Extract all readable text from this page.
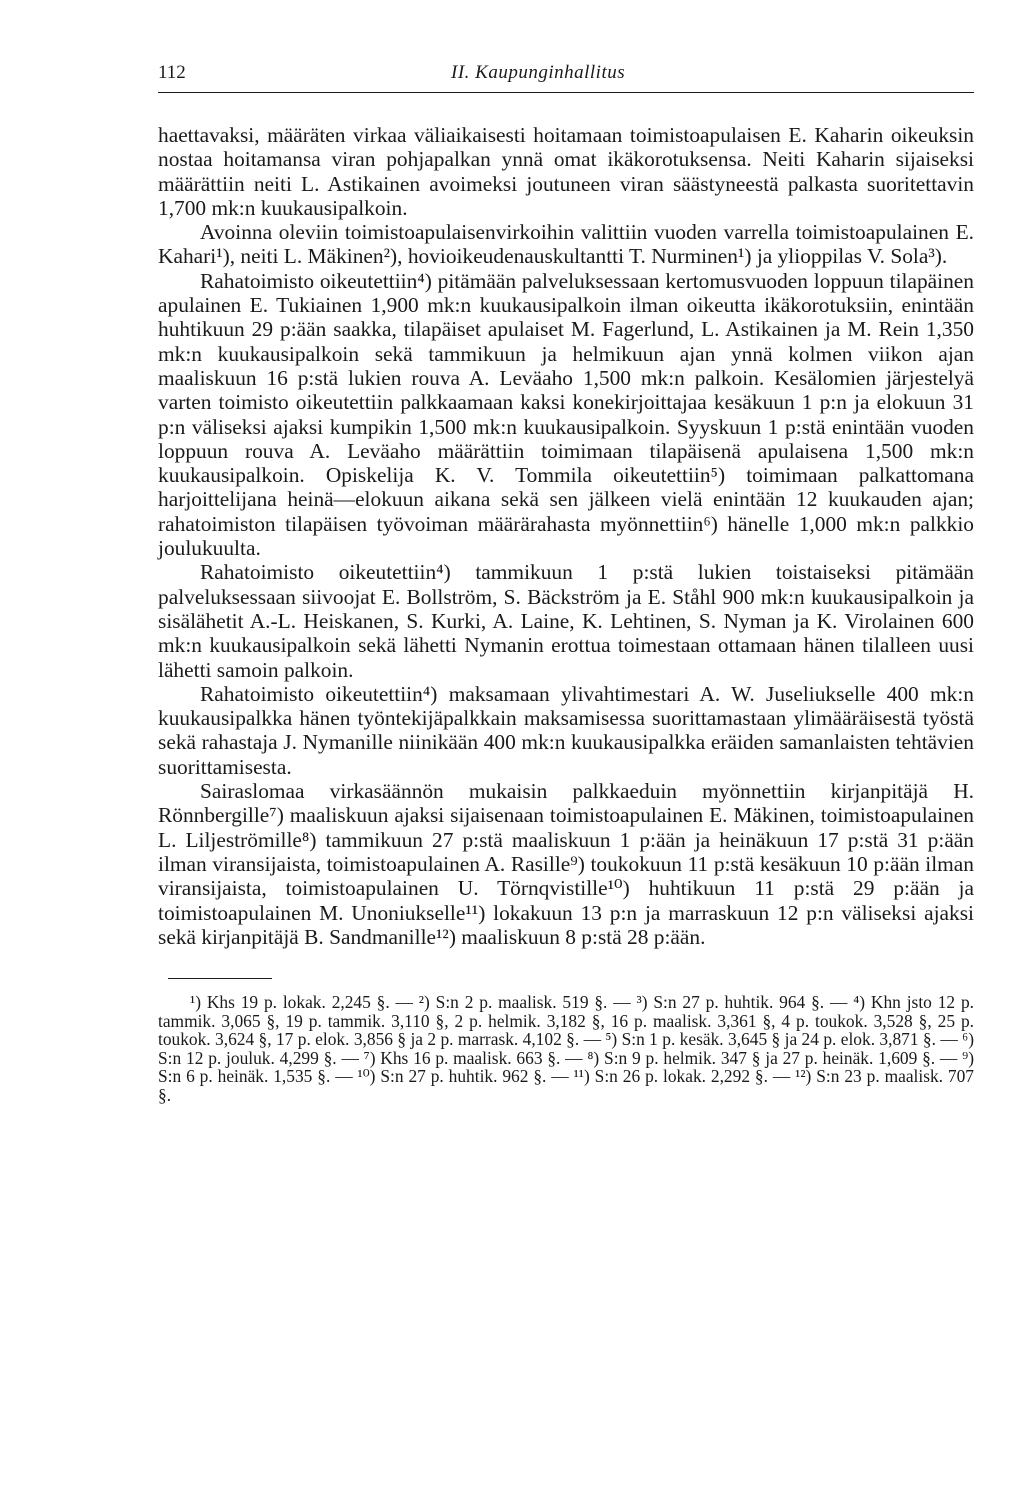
112	II. Kaupunginhallitus

haettavaksi, määräten virkaa väliaikaisesti hoitamaan toimistoapulaisen E. Kaharin oikeuksin nostaa hoitamansa viran pohjapalkan ynnä omat ikäkorotuksensa. Neiti Kaharin sijaiseksi määrättiin neiti L. Astikainen avoimeksi joutuneen viran säästyneestä palkasta suoritettavin 1,700 mk:n kuukausipalkoin.

Avoinna oleviin toimistoapulaisenvirkoihin valittiin vuoden varrella toimistoapulainen E. Kahari¹), neiti L. Mäkinen²), hovioikeudenauskultantti T. Nurminen¹) ja ylioppilas V. Sola³).

Rahatoimisto oikeutettiin⁴) pitämään palveluksessaan kertomusvuoden loppuun tilapäinen apulainen E. Tukiainen 1,900 mk:n kuukausipalkoin ilman oikeutta ikäkorotuksiin, enintään huhtikuun 29 p:ään saakka, tilapäiset apulaiset M. Fagerlund, L. Astikainen ja M. Rein 1,350 mk:n kuukausipalkoin sekä tammikuun ja helmikuun ajan ynnä kolmen viikon ajan maaliskuun 16 p:stä lukien rouva A. Leväaho 1,500 mk:n palkoin. Kesälomien järjestelyä varten toimisto oikeutettiin palkkaamaan kaksi konekirjoittajaa kesäkuun 1 p:n ja elokuun 31 p:n väliseksi ajaksi kumpikin 1,500 mk:n kuukausipalkoin. Syyskuun 1 p:stä enintään vuoden loppuun rouva A. Leväaho määrättiin toimimaan tilapäisenä apulaisena 1,500 mk:n kuukausipalkoin. Opiskelija K. V. Tommila oikeutettiin⁵) toimimaan palkattomana harjoittelijana heinä—elokuun aikana sekä sen jälkeen vielä enintään 12 kuukauden ajan; rahatoimiston tilapäisen työvoiman määrärahasta myönnettiin⁶) hänelle 1,000 mk:n palkkio joulukuulta.

Rahatoimisto oikeutettiin⁴) tammikuun 1 p:stä lukien toistaiseksi pitämään palveluksessaan siivoojat E. Bollström, S. Bäckström ja E. Ståhl 900 mk:n kuukausipalkoin ja sisälähetit A.-L. Heiskanen, S. Kurki, A. Laine, K. Lehtinen, S. Nyman ja K. Virolainen 600 mk:n kuukausipalkoin sekä lähetti Nymanin erottua toimestaan ottamaan hänen tilalleen uusi lähetti samoin palkoin.

Rahatoimisto oikeutettiin⁴) maksamaan ylivahtimestari A. W. Juseliukselle 400 mk:n kuukausipalkka hänen työntekijäpalkkain maksamisessa suorittamastaan ylimääräisestä työstä sekä rahastaja J. Nymanille niinikään 400 mk:n kuukausipalkka eräiden samanlaisten tehtävien suorittamisesta.

Sairaslomaa virkasäännön mukaisin palkkaeduin myönnettiin kirjanpitäjä H. Rönnbergille⁷) maaliskuun ajaksi sijaisenaan toimistoapulainen E. Mäkinen, toimistoapulainen L. Liljeströmille⁸) tammikuun 27 p:stä maaliskuun 1 p:ään ja heinäkuun 17 p:stä 31 p:ään ilman viransijaista, toimistoapulainen A. Rasille⁹) toukokuun 11 p:stä kesäkuun 10 p:ään ilman viransijaista, toimistoapulainen U. Törnqvistille¹⁰) huhtikuun 11 p:stä 29 p:ään ja toimistoapulainen M. Unoniukselle¹¹) lokakuun 13 p:n ja marraskuun 12 p:n väliseksi ajaksi sekä kirjanpitäjä B. Sandmanille¹²) maaliskuun 8 p:stä 28 p:ään.

¹) Khs 19 p. lokak. 2,245 §. — ²) S:n 2 p. maalisk. 519 §. — ³) S:n 27 p. huhtik. 964 §. — ⁴) Khn jsto 12 p. tammik. 3,065 §, 19 p. tammik. 3,110 §, 2 p. helmik. 3,182 §, 16 p. maalisk. 3,361 §, 4 p. toukok. 3,528 §, 25 p. toukok. 3,624 §, 17 p. elok. 3,856 § ja 2 p. marrask. 4,102 §. — ⁵) S:n 1 p. kesäk. 3,645 § ja 24 p. elok. 3,871 §. — ⁶) S:n 12 p. jouluk. 4,299 §. — ⁷) Khs 16 p. maalisk. 663 §. — ⁸) S:n 9 p. helmik. 347 § ja 27 p. heinäk. 1,609 §. — ⁹) S:n 6 p. heinäk. 1,535 §. — ¹⁰) S:n 27 p. huhtik. 962 §. — ¹¹) S:n 26 p. lokak. 2,292 §. — ¹²) S:n 23 p. maalisk. 707 §.
